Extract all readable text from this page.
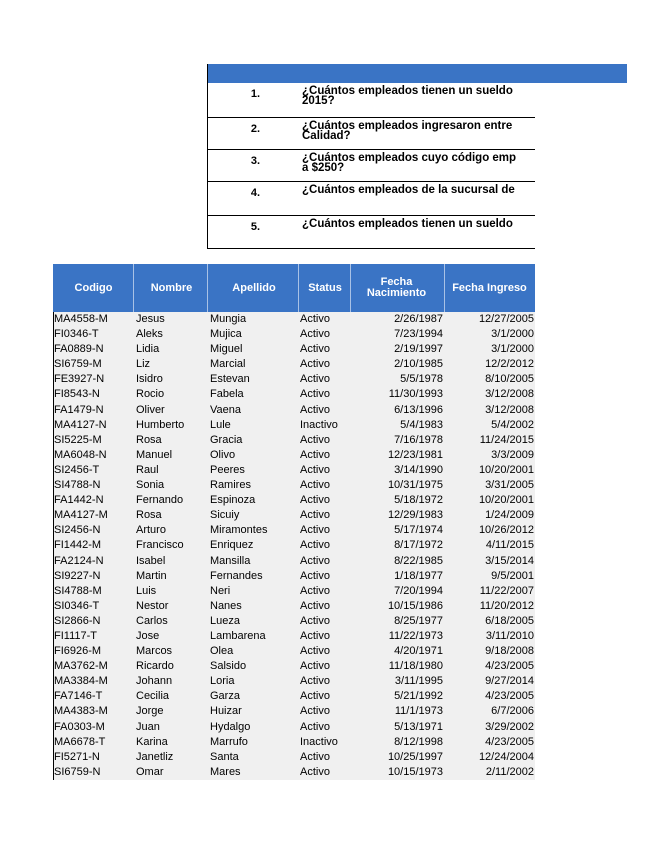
1.	¿Cuántos empleados tienen un sueldo
2015?
2.	¿Cuántos empleados ingresaron entre
Calidad?
3.	¿Cuántos empleados cuyo código emp
a $250?
4.	¿Cuántos empleados de la sucursal de
5.	¿Cuántos empleados tienen un sueldo
Codigo	Nombre	Apellido	Status	Fecha Nacimiento	Fecha Ingreso
MA4558-M	Jesus	Mungia	Activo	2/26/1987	12/27/2005
FI0346-T	Aleks	Mujica	Activo	7/23/1994	3/1/2000
FA0889-N	Lidia	Miguel	Activo	2/19/1997	3/1/2000
SI6759-M	Liz	Marcial	Activo	2/10/1985	12/2/2012
FE3927-N	Isidro	Estevan	Activo	5/5/1978	8/10/2005
FI8543-N	Rocio	Fabela	Activo	11/30/1993	3/12/2008
FA1479-N	Oliver	Vaena	Activo	6/13/1996	3/12/2008
MA4127-N	Humberto	Lule	Inactivo	5/4/1983	5/4/2002
SI5225-M	Rosa	Gracia	Activo	7/16/1978	11/24/2015
MA6048-N	Manuel	Olivo	Activo	12/23/1981	3/3/2009
SI2456-T	Raul	Peeres	Activo	3/14/1990	10/20/2001
SI4788-N	Sonia	Ramires	Activo	10/31/1975	3/31/2005
FA1442-N	Fernando	Espinoza	Activo	5/18/1972	10/20/2001
MA4127-M	Rosa	Sicuiy	Activo	12/29/1983	1/24/2009
SI2456-N	Arturo	Miramontes	Activo	5/17/1974	10/26/2012
FI1442-M	Francisco	Enriquez	Activo	8/17/1972	4/11/2015
FA2124-N	Isabel	Mansilla	Activo	8/22/1985	3/15/2014
SI9227-N	Martin	Fernandes	Activo	1/18/1977	9/5/2001
SI4788-M	Luis	Neri	Activo	7/20/1994	11/22/2007
SI0346-T	Nestor	Nanes	Activo	10/15/1986	11/20/2012
SI2866-N	Carlos	Lueza	Activo	8/25/1977	6/18/2005
FI1117-T	Jose	Lambarena	Activo	11/22/1973	3/11/2010
FI6926-M	Marcos	Olea	Activo	4/20/1971	9/18/2008
MA3762-M	Ricardo	Salsido	Activo	11/18/1980	4/23/2005
MA3384-M	Johann	Loria	Activo	3/11/1995	9/27/2014
FA7146-T	Cecilia	Garza	Activo	5/21/1992	4/23/2005
MA4383-M	Jorge	Huizar	Activo	11/1/1973	6/7/2006
FA0303-M	Juan	Hydalgo	Activo	5/13/1971	3/29/2002
MA6678-T	Karina	Marrufo	Inactivo	8/12/1998	4/23/2005
FI5271-N	Janetliz	Santa	Activo	10/25/1997	12/24/2004
SI6759-N	Omar	Mares	Activo	10/15/1973	2/11/2002
